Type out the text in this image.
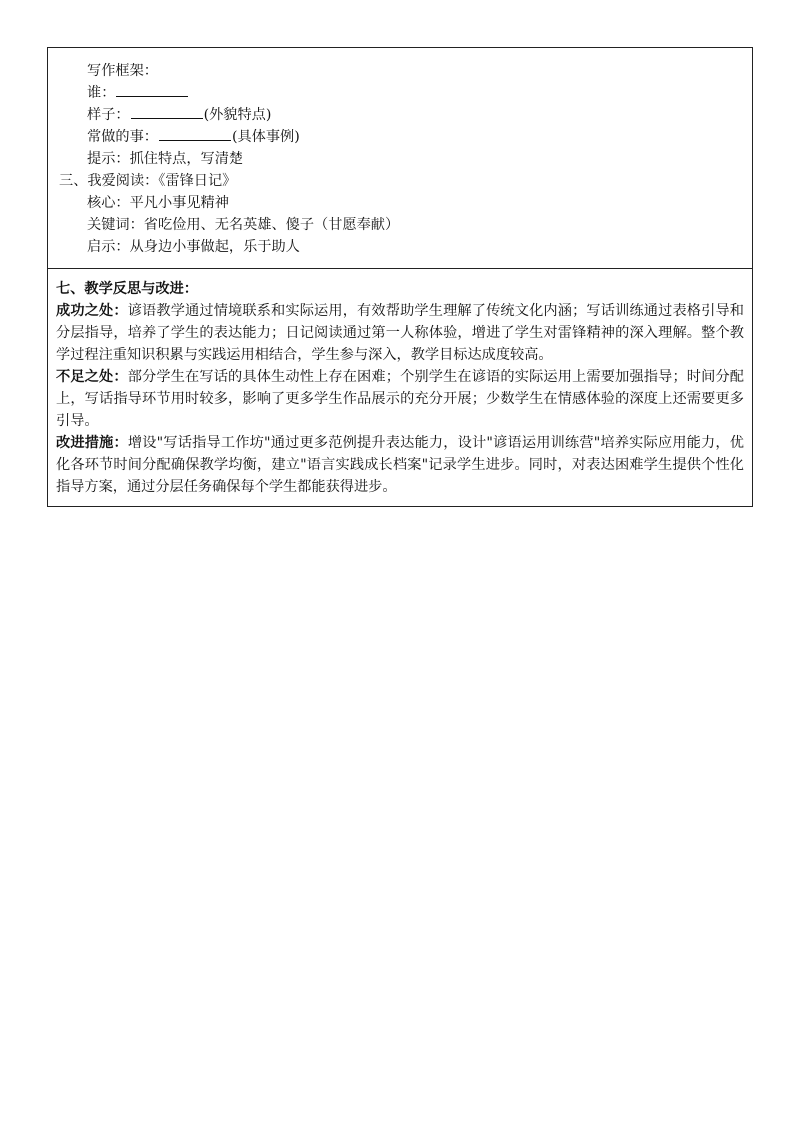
写作框架：
谁：
样子：	(外貌特点)
常做的事：	(具体事例)
提示：抓住特点，写清楚
三、我爱阅读：《雷锋日记》
核心：平凡小事见精神
关键词：省吃俭用、无名英雄、傻子（甘愿奉献）
启示：从身边小事做起，乐于助人
七、教学反思与改进：
成功之处：谚语教学通过情境联系和实际运用，有效帮助学生理解了传统文化内涵；写话训练通过表格引导和分层指导，培养了学生的表达能力；日记阅读通过第一人称体验，增进了学生对雷锋精神的深入理解。整个教学过程注重知识积累与实践运用相结合，学生参与深入，教学目标达成度较高。
不足之处：部分学生在写话的具体生动性上存在困难；个别学生在谚语的实际运用上需要加强指导；时间分配上，写话指导环节用时较多，影响了更多学生作品展示的充分开展；少数学生在情感体验的深度上还需要更多引导。
改进措施：增设"写话指导工作坊"通过更多范例提升表达能力，设计"谚语运用训练营"培养实际应用能力，优化各环节时间分配确保教学均衡，建立"语言实践成长档案"记录学生进步。同时，对表达困难学生提供个性化指导方案，通过分层任务确保每个学生都能获得进步。
